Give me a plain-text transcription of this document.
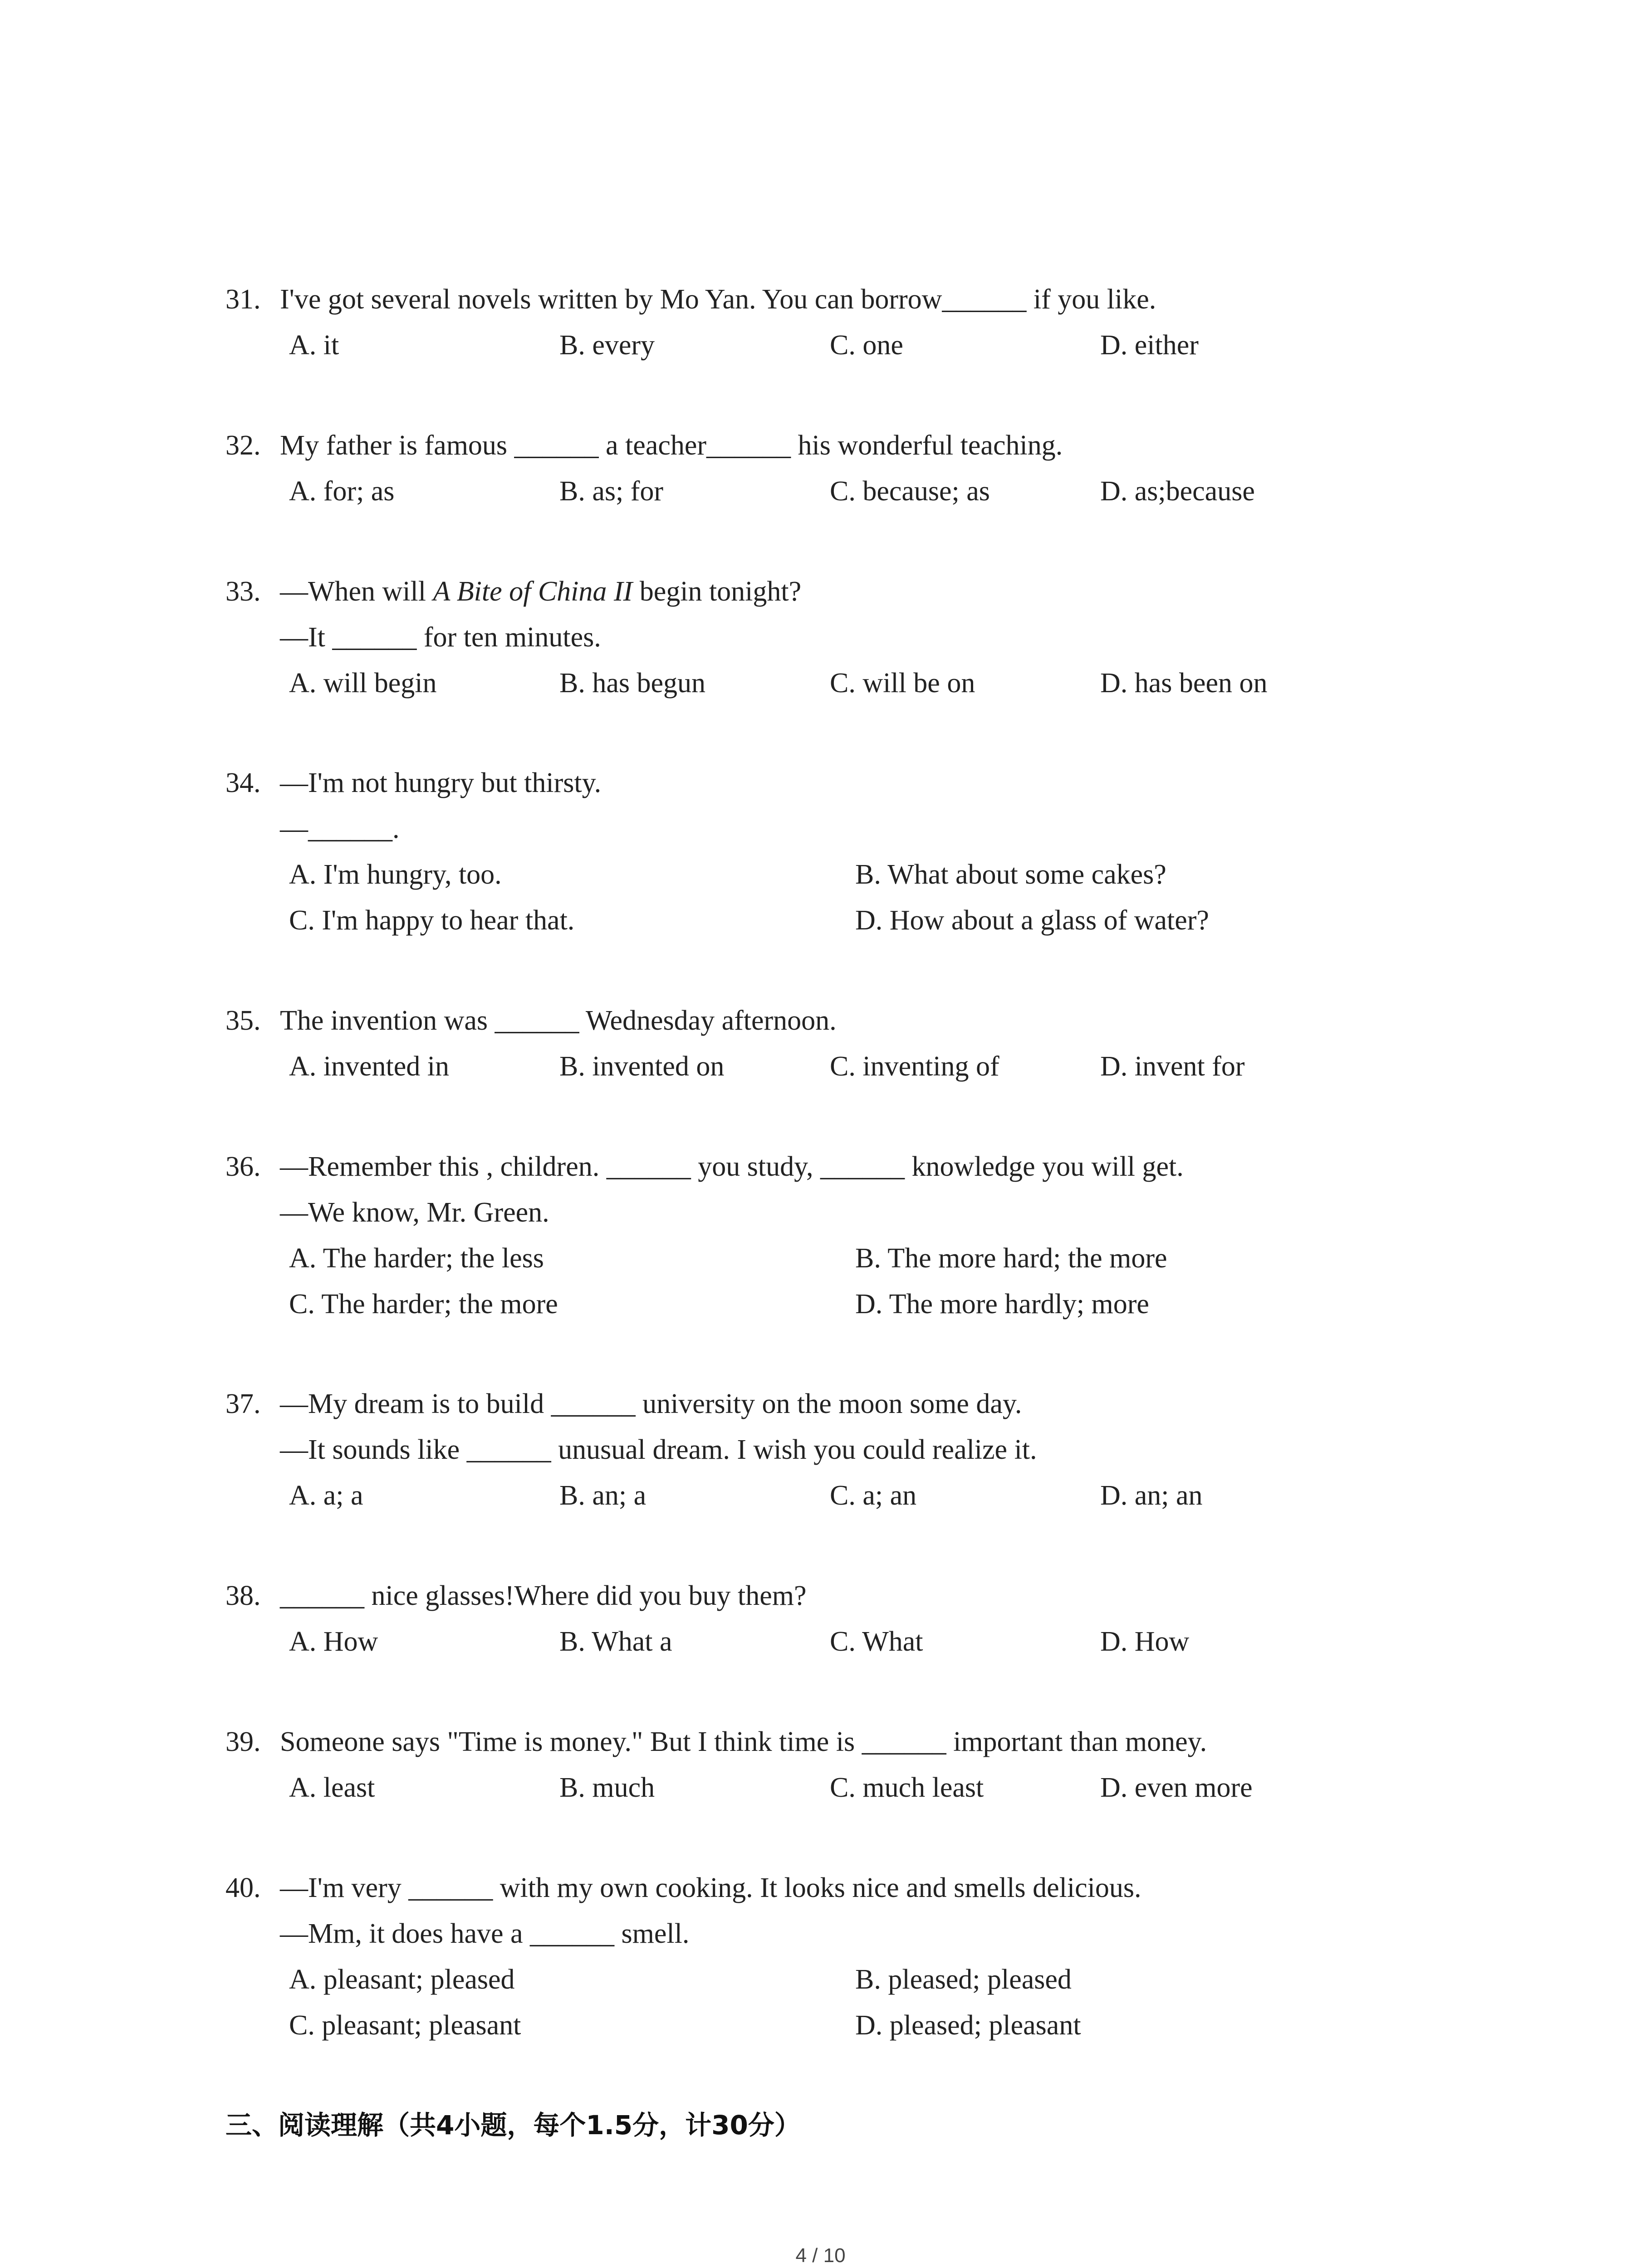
31. I've got several novels written by Mo Yan. You can borrow______ if you like.
A. it	B. every	C. one	D. either
32. My father is famous ______ a teacher______ his wonderful teaching.
A. for; as	B. as; for	C. because; as	D. as;because
33. —When will A Bite of China II begin tonight?
—It ______ for ten minutes.
A. will begin	B. has begun	C. will be on	D. has been on
34. —I'm not hungry but thirsty.
—______.
A. I'm hungry, too.	B. What about some cakes?
C. I'm happy to hear that.	D. How about a glass of water?
35. The invention was ______ Wednesday afternoon.
A. invented in	B. invented on	C. inventing of	D. invent for
36. —Remember this , children. ______ you study, ______ knowledge you will get.
—We know, Mr. Green.
A. The harder; the less	B. The more hard; the more
C. The harder; the more	D. The more hardly; more
37. —My dream is to build ______ university on the moon some day.
—It sounds like ______ unusual dream. I wish you could realize it.
A. a; a	B. an; a	C. a; an	D. an; an
38. ______ nice glasses!Where did you buy them?
A. How	B. What a	C. What	D. How
39. Someone says "Time is money." But I think time is ______ important than money.
A. least	B. much	C. much least	D. even more
40. —I'm very ______ with my own cooking. It looks nice and smells delicious.
—Mm, it does have a ______ smell.
A. pleasant; pleased	B. pleased; pleased
C. pleasant; pleasant	D. pleased; pleasant
三、阅读理解（共4小题，每个1.5分，计30分）
4 / 10
